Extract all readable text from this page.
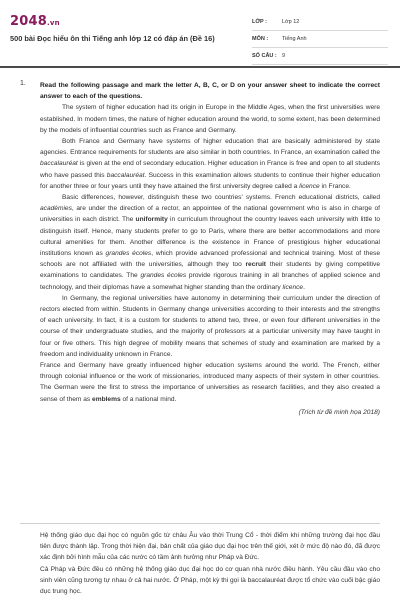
2048.vn
500 bài Đọc hiểu ôn thi Tiếng anh lớp 12 có đáp án (Đề 16)
LỚP :	Lớp 12
MÔN :	Tiếng Anh
SỐ CÂU : 9
1. Read the following passage and mark the letter A, B, C, or D on your answer sheet to indicate the correct answer to each of the questions.

The system of higher education had its origin in Europe in the Middle Ages, when the first universities were established. In modern times, the nature of higher education around the world, to some extent, has been determined by the models of influential countries such as France and Germany.

Both France and Germany have systems of higher education that are basically administered by state agencies. Entrance requirements for students are also similar in both countries. In France, an examination called the baccalauréat is given at the end of secondary education. Higher education in France is free and open to all students who have passed this baccalauréat. Success in this examination allows students to continue their higher education for another three or four years until they have attained the first university degree called a licence in France.

Basic differences, however, distinguish these two countries' systems. French educational districts, called académies, are under the direction of a rector, an appointee of the national government who is also in charge of universities in each district. The uniformity in curriculum throughout the country leaves each university with little to distinguish itself. Hence, many students prefer to go to Paris, where there are better accommodations and more cultural amenities for them. Another difference is the existence in France of prestigious higher educational institutions known as grandes écoles, which provide advanced professional and technical training. Most of these schools are not affiliated with the universities, although they too recruit their students by giving competitive examinations to candidates. The grandes écoles provide rigorous training in all branches of applied science and technology, and their diplomas have a somewhat higher standing than the ordinary licence.

In Germany, the regional universities have autonomy in determining their curriculum under the direction of rectors elected from within. Students in Germany change universities according to their interests and the strengths of each university. In fact, it is a custom for students to attend two, three, or even four different universities in the course of their undergraduate studies, and the majority of professors at a particular university may have taught in four or five others. This high degree of mobility means that schemes of study and examination are marked by a freedom and individuality unknown in France.

France and Germany have greatly influenced higher education systems around the world. The French, either through colonial influence or the work of missionaries, introduced many aspects of their system in other countries. The German were the first to stress the importance of universities as research facilities, and they also created a sense of them as emblems of a national mind.

(Trích từ đề minh họa 2018)

Hệ thống giáo dục đại học có nguồn gốc từ châu Âu vào thời Trung Cổ - thời điểm khi những trường đại học đầu tiên được thành lập. Trong thời hiện đại, bản chất của giáo dục đại học trên thế giới, xét ở mức độ nào đó, đã được xác định bởi hình mẫu của các nước có tầm ảnh hưởng như Pháp và Đức.

Cả Pháp và Đức đều có những hệ thống giáo dục đại học do cơ quan nhà nước điều hành. Yêu cầu đầu vào cho sinh viên cũng tương tự nhau ở cả hai nước. Ở Pháp, một kỳ thi gọi là baccalauréat được tổ chức vào cuối bậc giáo dục trung học.
